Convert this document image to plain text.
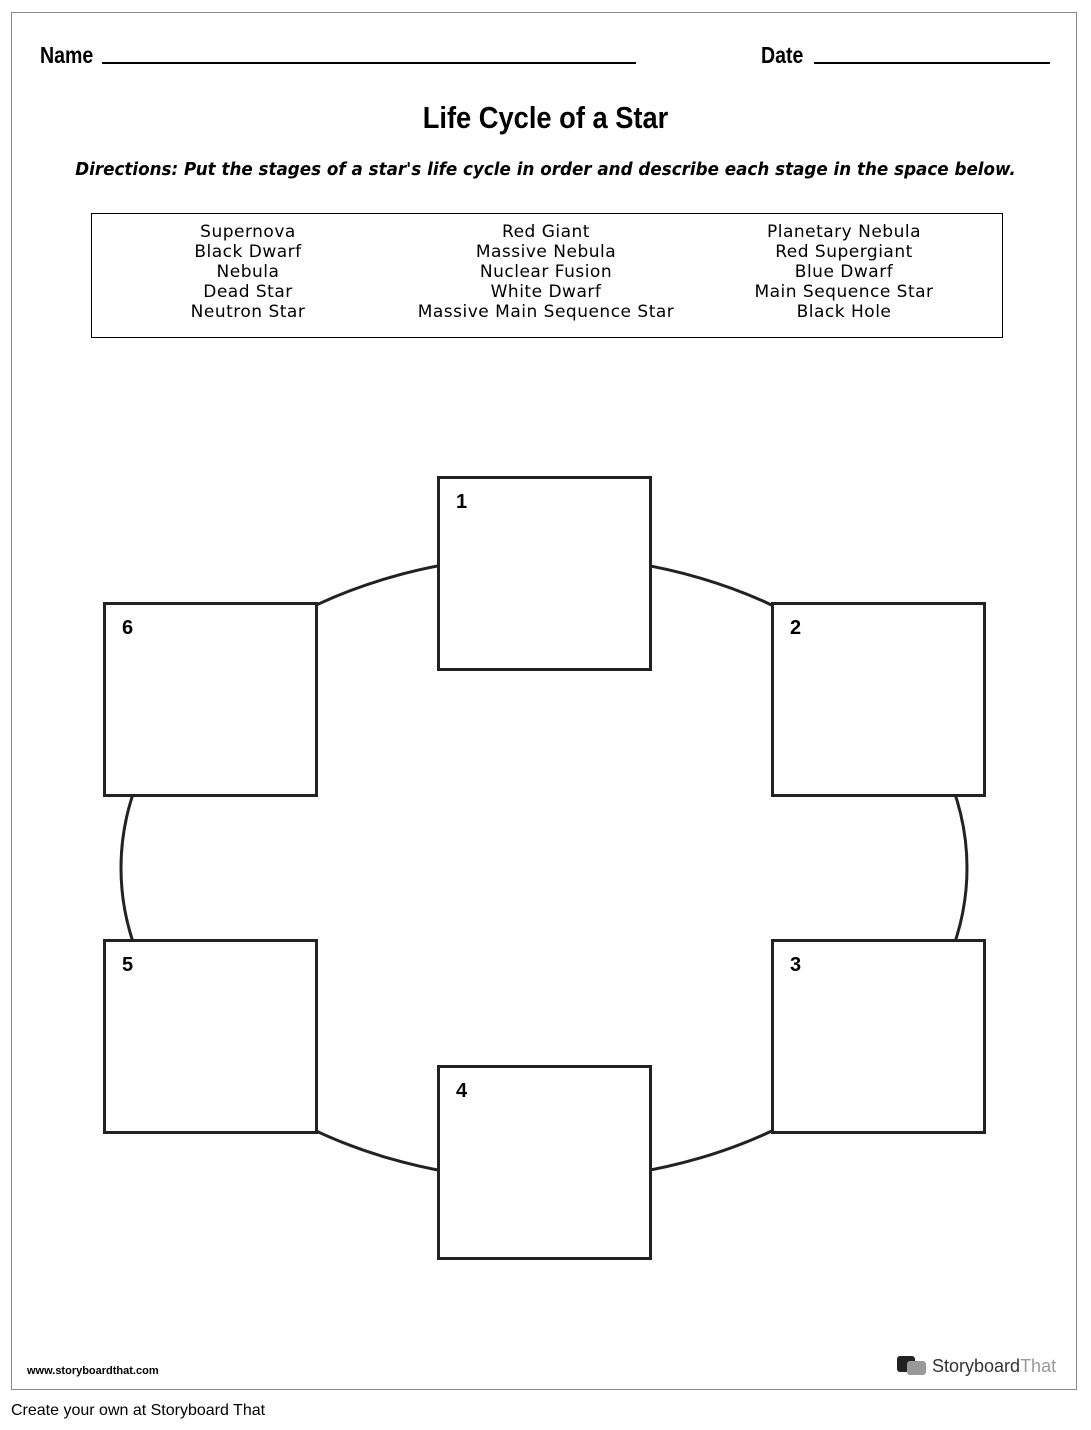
Name	Date
Life Cycle of a Star
Directions: Put the stages of a star's life cycle in order and describe each stage in the space below.
Supernova
Black Dwarf
Nebula
Dead Star
Neutron Star
Red Giant
Massive Nebula
Nuclear Fusion
White Dwarf
Massive Main Sequence Star
Planetary Nebula
Red Supergiant
Blue Dwarf
Main Sequence Star
Black Hole
1
2
3
4
5
6
www.storyboardthat.com	StoryboardThat
Create your own at Storyboard That
